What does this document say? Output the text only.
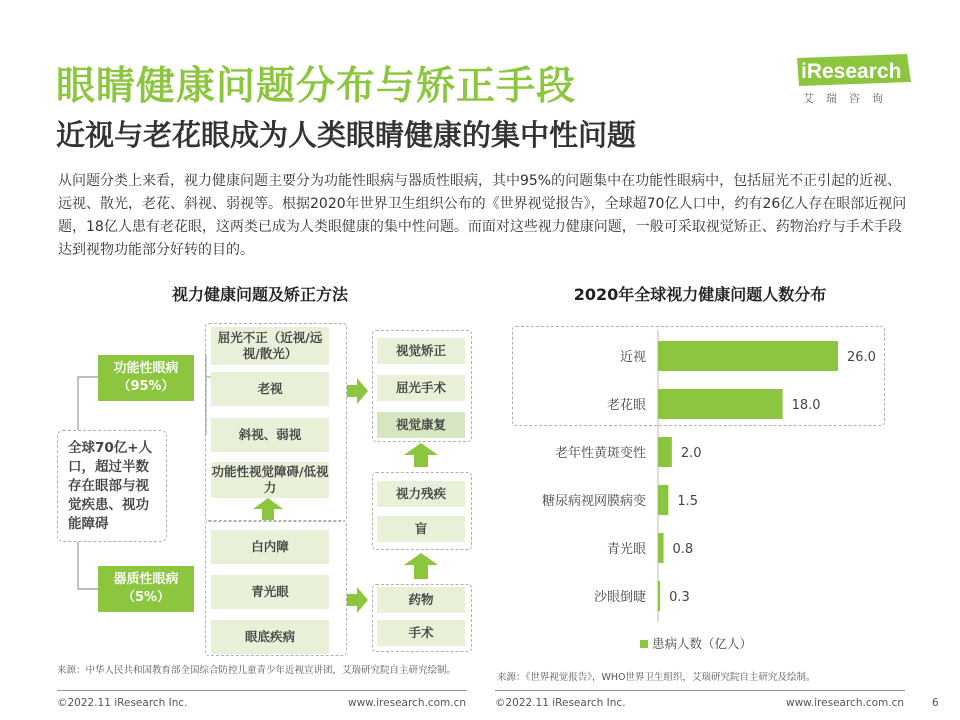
眼睛健康问题分布与矫正手段
近视与老花眼成为人类眼睛健康的集中性问题
iResearch
艾瑞咨询
从问题分类上来看，视力健康问题主要分为功能性眼病与器质性眼病，其中95%的问题集中在功能性眼病中，包括屈光不正引起的近视、远视、散光，老花、斜视、弱视等。根据2020年世界卫生组织公布的《世界视觉报告》，全球超70亿人口中，约有26亿人存在眼部近视问题，18亿人患有老花眼，这两类已成为人类眼健康的集中性问题。而面对这些视力健康问题，一般可采取视觉矫正、药物治疗与手术手段达到视物功能部分好转的目的。
视力健康问题及矫正方法
功能性眼病
（95%）
器质性眼病
（5%）
全球70亿+人口，超过半数存在眼部与视觉疾患、视功能障碍
屈光不正（近视/远视/散光）
老视
斜视、弱视
功能性视觉障碍/低视力
白内障
青光眼
眼底疾病
视觉矫正
屈光手术
视觉康复
视力残疾
盲
药物
手术
来源：中华人民共和国教育部全国综合防控儿童青少年近视宣讲团，艾瑞研究院自主研究绘制。
2020年全球视力健康问题人数分布
近视	26.0
老花眼	18.0
老年性黄斑变性	2.0
糖尿病视网膜病变 1.5
青光眼 0.8
沙眼倒睫 0.3
患病人数（亿人）
来源：《世界视觉报告》，WHO世界卫生组织，艾瑞研究院自主研究及绘制。
©2022.11 iResearch Inc.	www.iresearch.com.cn	©2022.11 iResearch Inc.	www.iresearch.com.cn	6
